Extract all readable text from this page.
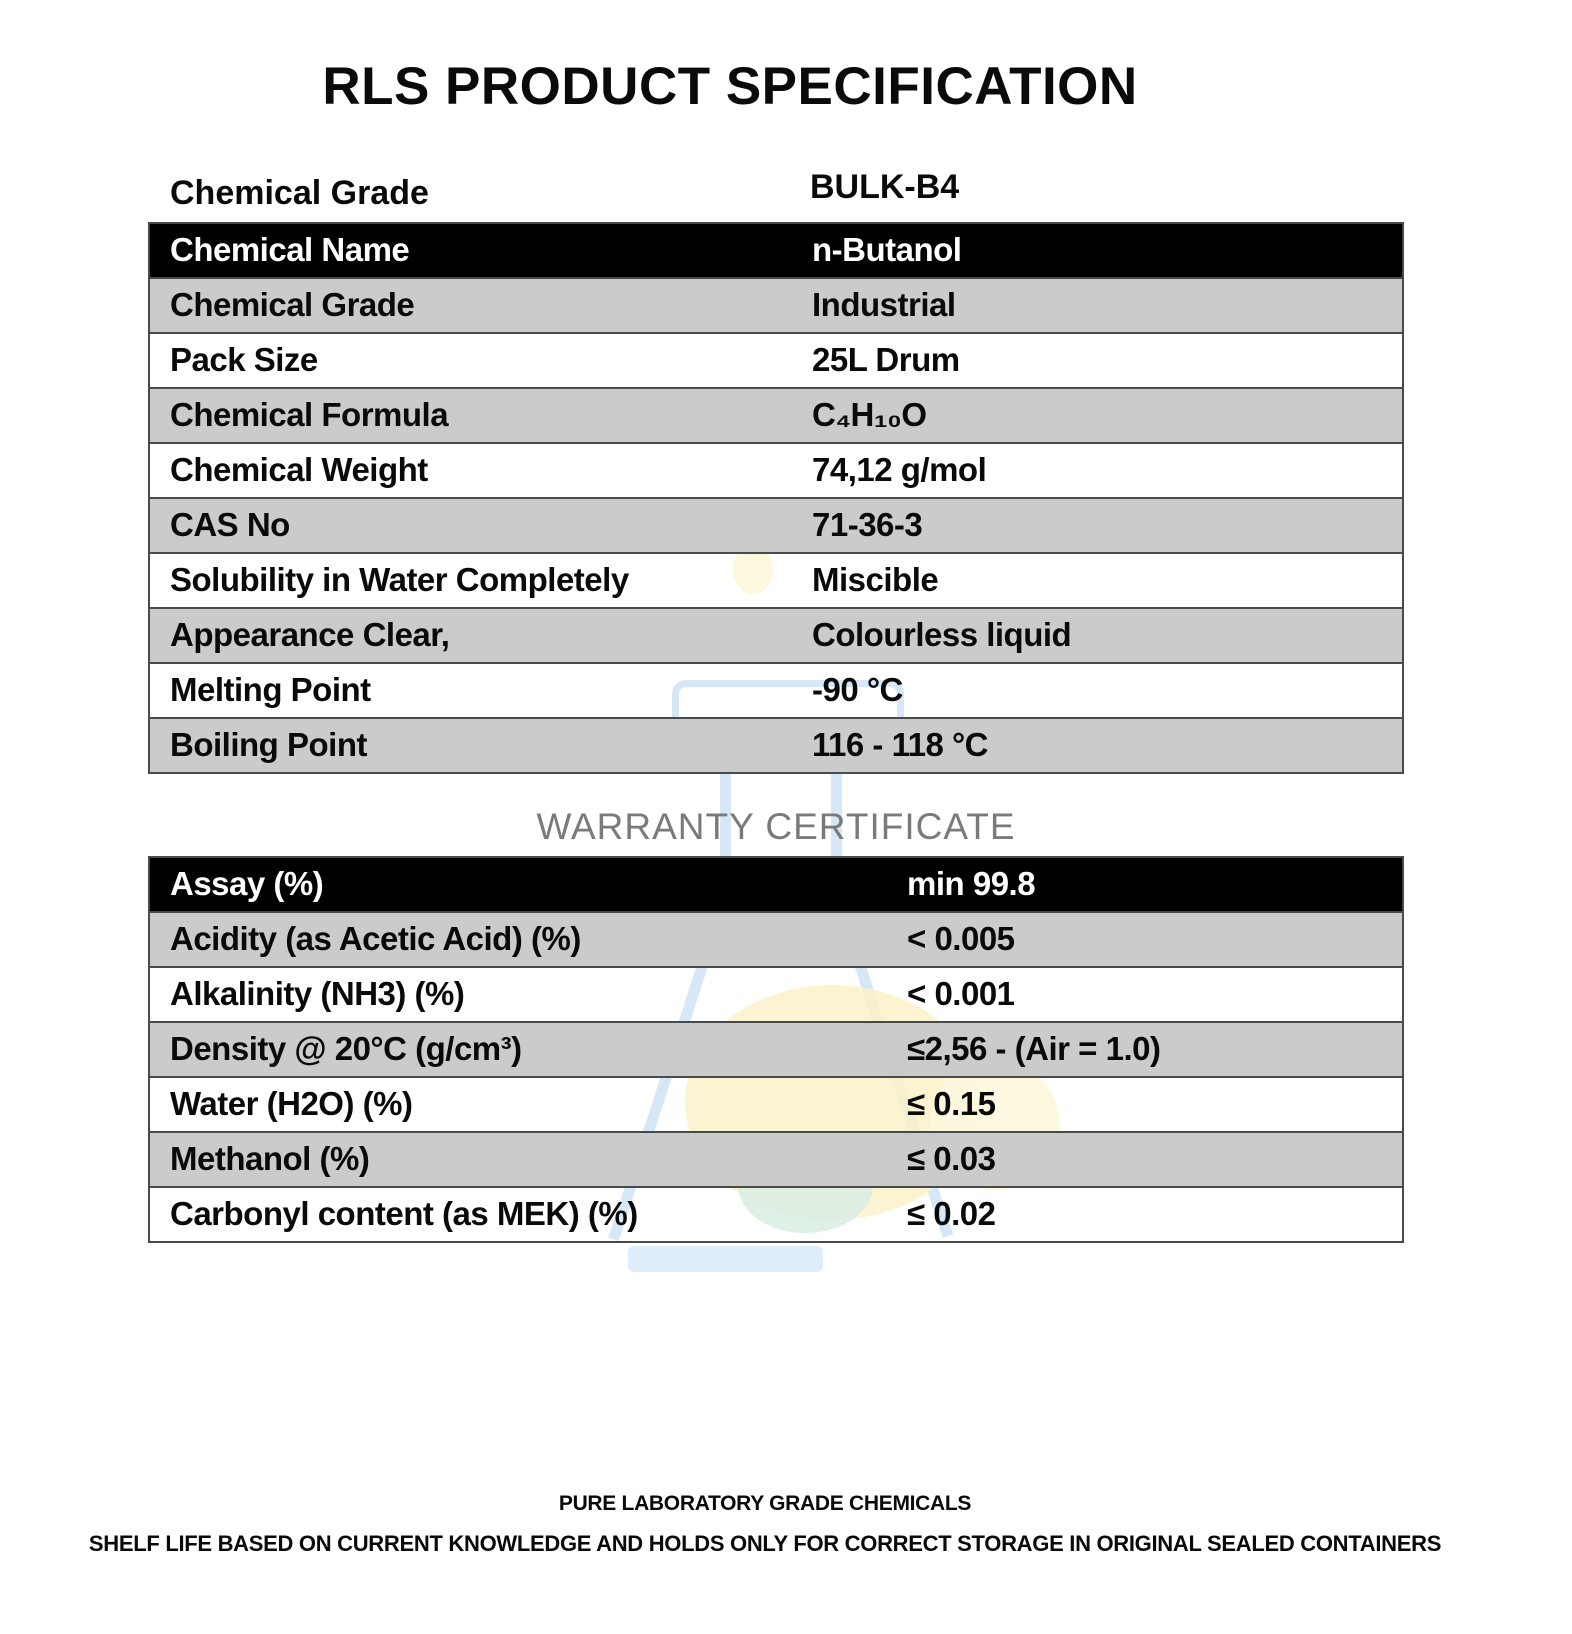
RLS PRODUCT SPECIFICATION
Chemical Grade	BULK-B4
Chemical Name	n-Butanol
Chemical Grade	Industrial
Pack Size	25L Drum
Chemical Formula	C₄H₁₀O
Chemical Weight	74,12 g/mol
CAS No	71-36-3
Solubility in Water Completely	Miscible
Appearance Clear,	Colourless liquid
Melting Point	-90 °C
Boiling Point	116 - 118 °C
WARRANTY CERTIFICATE
Assay (%)	min 99.8
Acidity (as Acetic Acid) (%)	< 0.005
Alkalinity (NH3) (%)	< 0.001
Density @ 20°C (g/cm³)	≤2,56 - (Air = 1.0)
Water (H2O) (%)	≤ 0.15
Methanol (%)	≤ 0.03
Carbonyl content (as MEK) (%)	≤ 0.02
PURE LABORATORY GRADE CHEMICALS
SHELF LIFE BASED ON CURRENT KNOWLEDGE AND HOLDS ONLY FOR CORRECT STORAGE IN ORIGINAL SEALED CONTAINERS
